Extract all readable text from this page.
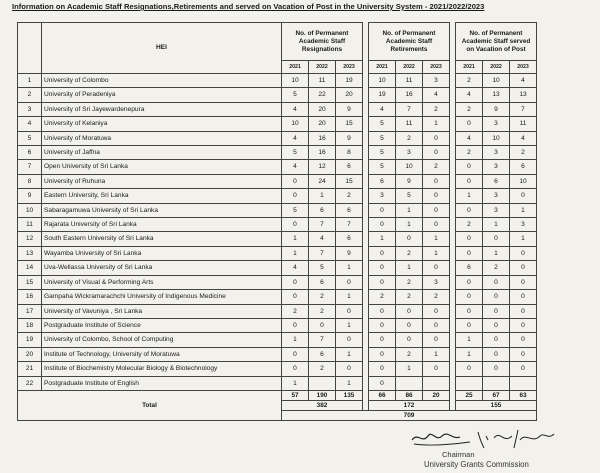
Information on Academic Staff Resignations,Retirements and served on Vacation of Post in the University System - 2021/2022/2023
	HEI	No. of Permanent Academic Staff Resignations				No. of Permanent Academic Staff Retirements				No. of Permanent Academic Staff served on Vacation of Post		
		2021	2022	2023		2021	2022	2023		2021	2022	2023
1	University of Colombo	10	11	19		10	11	3		2	10	4
2	University of Peradeniya	5	22	20		19	16	4		4	13	13
3	University of Sri Jayewardenepura	4	20	9		4	7	2		2	9	7
4	University of Kelaniya	10	20	15		5	11	1		0	3	11
5	University of Moratuwa	4	16	9		5	2	0		4	10	4
6	University of Jaffna	5	16	8		5	3	0		2	3	2
7	Open University of Sri Lanka	4	12	6		5	10	2		0	3	6
8	University of Ruhuna	0	24	15		6	9	0		0	6	10
9	Eastern University, Sri Lanka	0	1	2		3	5	0		1	3	0
10	Sabaragamuwa University of Sri Lanka	5	6	6		0	1	0		0	3	1
11	Rajarata University of Sri Lanka	0	7	7		0	1	0		2	1	3
12	South Eastern University of Sri Lanka	1	4	6		1	0	1		0	0	1
13	Wayamba University of Sri Lanka	1	7	9		0	2	1		0	1	0
14	Uva-Wellassa University of Sri Lanka	4	5	1		0	1	0		6	2	0
15	University of Visual & Performing Arts	0	6	0		0	2	3		0	0	0
16	Gampaha Wickramarachchi University of Indigenous Medicine	0	2	1		2	2	2		0	0	0
17	University of Vavuniya , Sri Lanka	2	2	0		0	0	0		0	0	0
18	Postgraduate Institute of Science	0	0	1		0	0	0		0	0	0
19	University of Colombo, School of Computing	1	7	0		0	0	0		1	0	0
20	Institute of Technology, University of Moratuwa	0	6	1		0	2	1		1	0	0
21	Institute of Biochemistry Molecular Biology & Biotechnology	0	2	0		0	1	0		0	0	0
22	Postgraduate Institute of English	1		1		0						
Total		57	190	135		66	86	20		25	67	63
		382				172				155		
		709										
Chairman
University Grants Commission
